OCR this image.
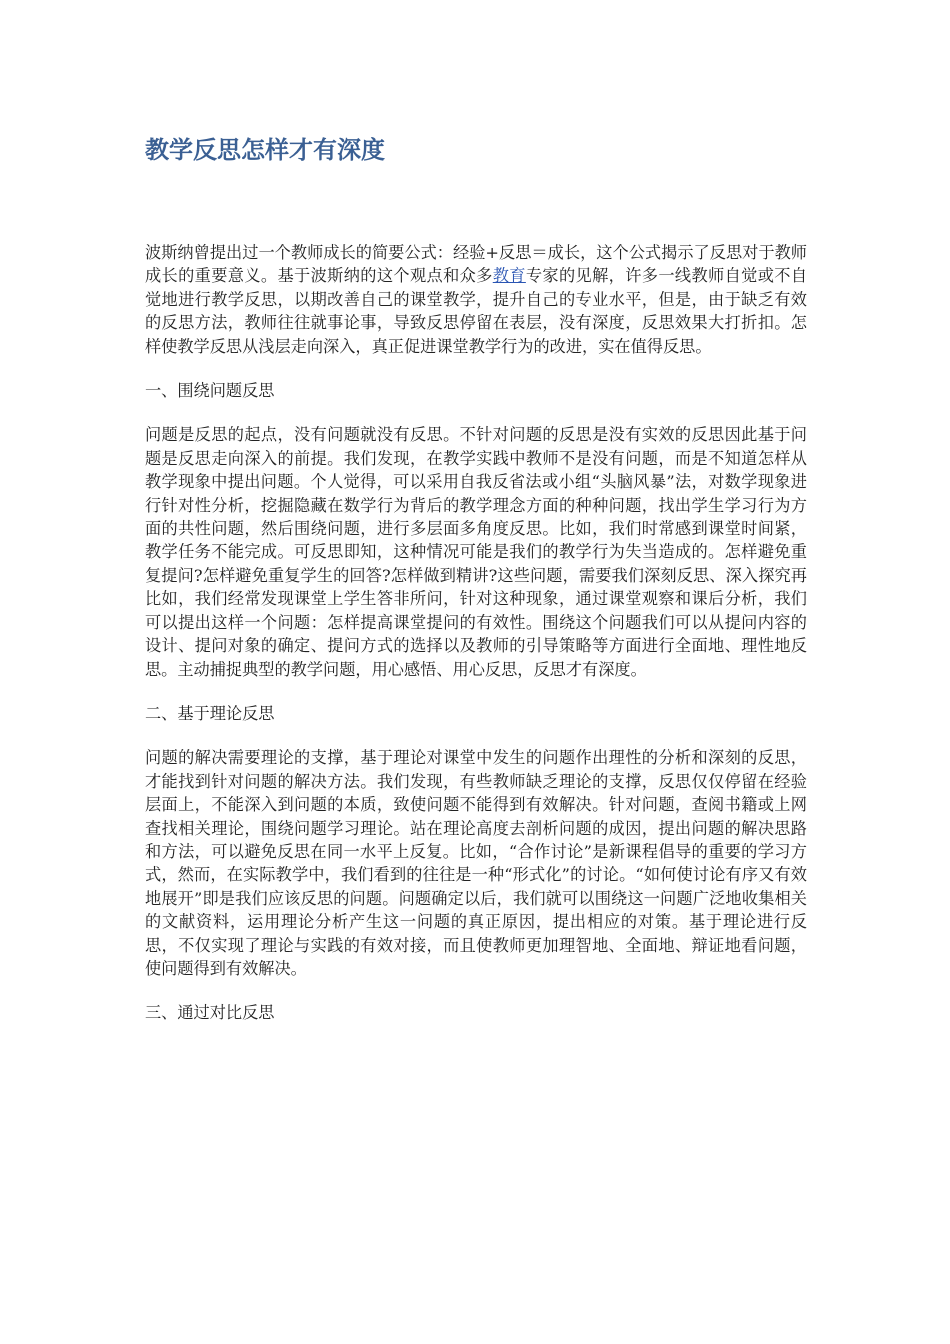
教学反思怎样才有深度

波斯纳曾提出过一个教师成长的简要公式：经验+反思＝成长，这个公式揭示了反思对于教师成长的重要意义。基于波斯纳的这个观点和众多教育专家的见解，许多一线教师自觉或不自觉地进行教学反思，以期改善自己的课堂教学，提升自己的专业水平，但是，由于缺乏有效的反思方法，教师往往就事论事，导致反思停留在表层，没有深度，反思效果大打折扣。怎样使教学反思从浅层走向深入，真正促进课堂教学行为的改进，实在值得反思。

一、围绕问题反思

问题是反思的起点，没有问题就没有反思。不针对问题的反思是没有实效的反思因此基于问题是反思走向深入的前提。我们发现，在教学实践中教师不是没有问题，而是不知道怎样从教学现象中提出问题。个人觉得，可以采用自我反省法或小组“头脑风暴”法，对数学现象进行针对性分析，挖掘隐藏在数学行为背后的教学理念方面的种种问题，找出学生学习行为方面的共性问题，然后围绕问题，进行多层面多角度反思。比如，我们时常感到课堂时间紧，教学任务不能完成。可反思即知，这种情况可能是我们的教学行为失当造成的。怎样避免重复提问?怎样避免重复学生的回答?怎样做到精讲?这些问题，需要我们深刻反思、深入探究再比如，我们经常发现课堂上学生答非所问，针对这种现象，通过课堂观察和课后分析，我们可以提出这样一个问题：怎样提高课堂提问的有效性。围绕这个问题我们可以从提问内容的设计、提问对象的确定、提问方式的选择以及教师的引导策略等方面进行全面地、理性地反思。主动捕捉典型的教学问题，用心感悟、用心反思，反思才有深度。

二、基于理论反思

问题的解决需要理论的支撑，基于理论对课堂中发生的问题作出理性的分析和深刻的反思，才能找到针对问题的解决方法。我们发现，有些教师缺乏理论的支撑，反思仅仅停留在经验层面上，不能深入到问题的本质，致使问题不能得到有效解决。针对问题，查阅书籍或上网查找相关理论，围绕问题学习理论。站在理论高度去剖析问题的成因，提出问题的解决思路和方法，可以避免反思在同一水平上反复。比如，“合作讨论”是新课程倡导的重要的学习方式，然而，在实际教学中，我们看到的往往是一种“形式化”的讨论。“如何使讨论有序又有效地展开”即是我们应该反思的问题。问题确定以后，我们就可以围绕这一问题广泛地收集相关的文献资料，运用理论分析产生这一问题的真正原因，提出相应的对策。基于理论进行反思，不仅实现了理论与实践的有效对接，而且使教师更加理智地、全面地、辩证地看问题，使问题得到有效解决。

三、通过对比反思
